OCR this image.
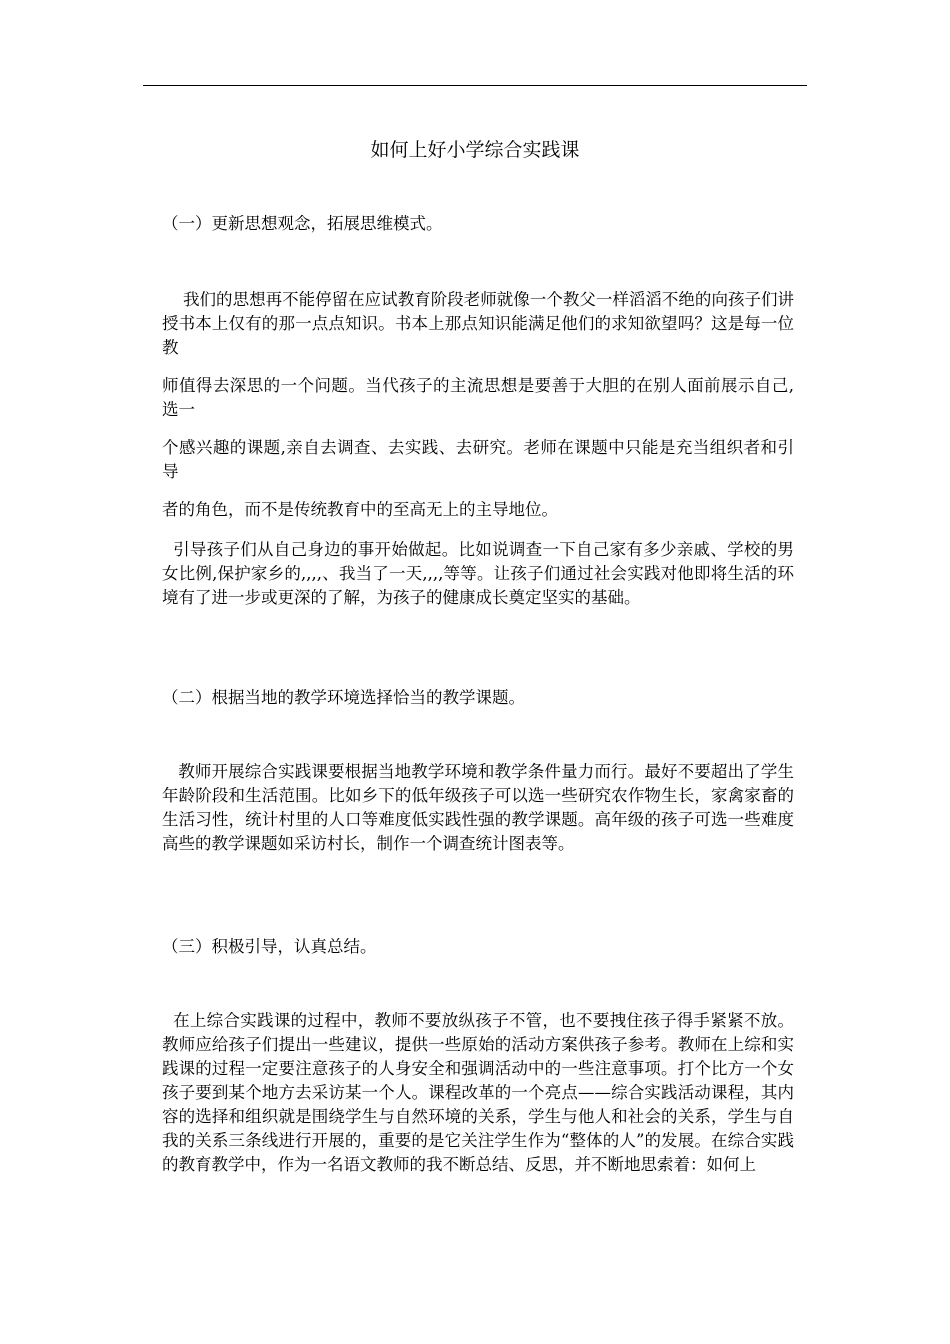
如何上好小学综合实践课

（一）更新思想观念，拓展思维模式。

我们的思想再不能停留在应试教育阶段老师就像一个教父一样滔滔不绝的向孩子们讲授书本上仅有的那一点点知识。书本上那点知识能满足他们的求知欲望吗？这是每一位教

师值得去深思的一个问题。当代孩子的主流思想是要善于大胆的在别人面前展示自己,选一

个感兴趣的课题,亲自去调查、去实践、去研究。老师在课题中只能是充当组织者和引导

者的角色，而不是传统教育中的至高无上的主导地位。

引导孩子们从自己身边的事开始做起。比如说调查一下自己家有多少亲戚、学校的男女比例,保护家乡的,,,,、我当了一天,,,,等等。让孩子们通过社会实践对他即将生活的环境有了进一步或更深的了解，为孩子的健康成长奠定坚实的基础。

（二）根据当地的教学环境选择恰当的教学课题。

教师开展综合实践课要根据当地教学环境和教学条件量力而行。最好不要超出了学生年龄阶段和生活范围。比如乡下的低年级孩子可以选一些研究农作物生长，家禽家畜的生活习性，统计村里的人口等难度低实践性强的教学课题。高年级的孩子可选一些难度高些的教学课题如采访村长，制作一个调查统计图表等。

（三）积极引导，认真总结。

在上综合实践课的过程中，教师不要放纵孩子不管，也不要拽住孩子得手紧紧不放。教师应给孩子们提出一些建议，提供一些原始的活动方案供孩子参考。教师在上综和实践课的过程一定要注意孩子的人身安全和强调活动中的一些注意事项。打个比方一个女孩子要到某个地方去采访某一个人。课程改革的一个亮点——综合实践活动课程，其内容的选择和组织就是围绕学生与自然环境的关系，学生与他人和社会的关系，学生与自我的关系三条线进行开展的，重要的是它关注学生作为“整体的人”的发展。在综合实践的教育教学中，作为一名语文教师的我不断总结、反思，并不断地思索着：如何上
